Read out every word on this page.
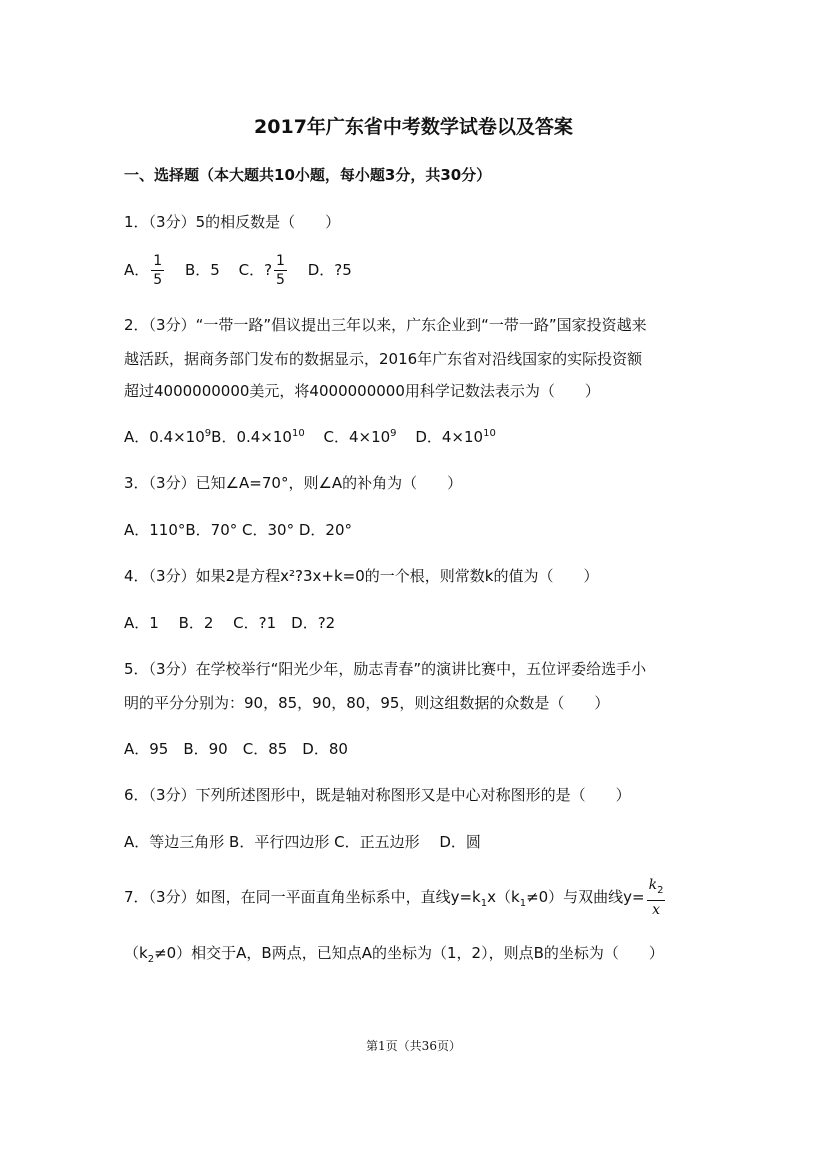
2017年广东省中考数学试卷以及答案
一、选择题（本大题共10小题，每小题3分，共30分）
1．（3分）5的相反数是（　　）
A． $\frac{1}{5}$ B．5 C．? $\frac{1}{5}$ D．?5
2．（3分）“一带一路”倡议提出三年以来，广东企业到“一带一路”国家投资越来
越活跃，据商务部门发布的数据显示，2016年广东省对沿线国家的实际投资额
超过4000000000美元，将4000000000用科学记数法表示为（　　）
A．$0.4\times 10^9B$．$0.4\times 10^{10}$ C．$4\times 10^9$ D．$4\times 10^{10}$
3．（3分）已知∠A=70°，则∠A的补角为（　　）
A．110°B．70° C．30° D．20°
4．（3分）如果2是方程x²?3x+k=0的一个根，则常数k的值为（　　）
A．1　 B．2　 C．?1　D．?2
5．（3分）在学校举行“阳光少年，励志青春”的演讲比赛中，五位评委给选手小
明的平分分别为：90，85，90，80，95，则这组数据的众数是（　　）
A．95　B．90　C．85　D．80
6．（3分）下列所述图形中，既是轴对称图形又是中心对称图形的是（　　）
A．等边三角形 B．平行四边形 C．正五边形　 D．圆
7．（3分）如图，在同一平面直角坐标系中，直线$y=k_1x(k_1\ne 0)$与双曲线$y= \frac{k_2}{x}$
$(k_2\ne 0)$相交于A，B两点，已知点A的坐标为（1，2），则点B的坐标为（　　）
第1页（共36页）
